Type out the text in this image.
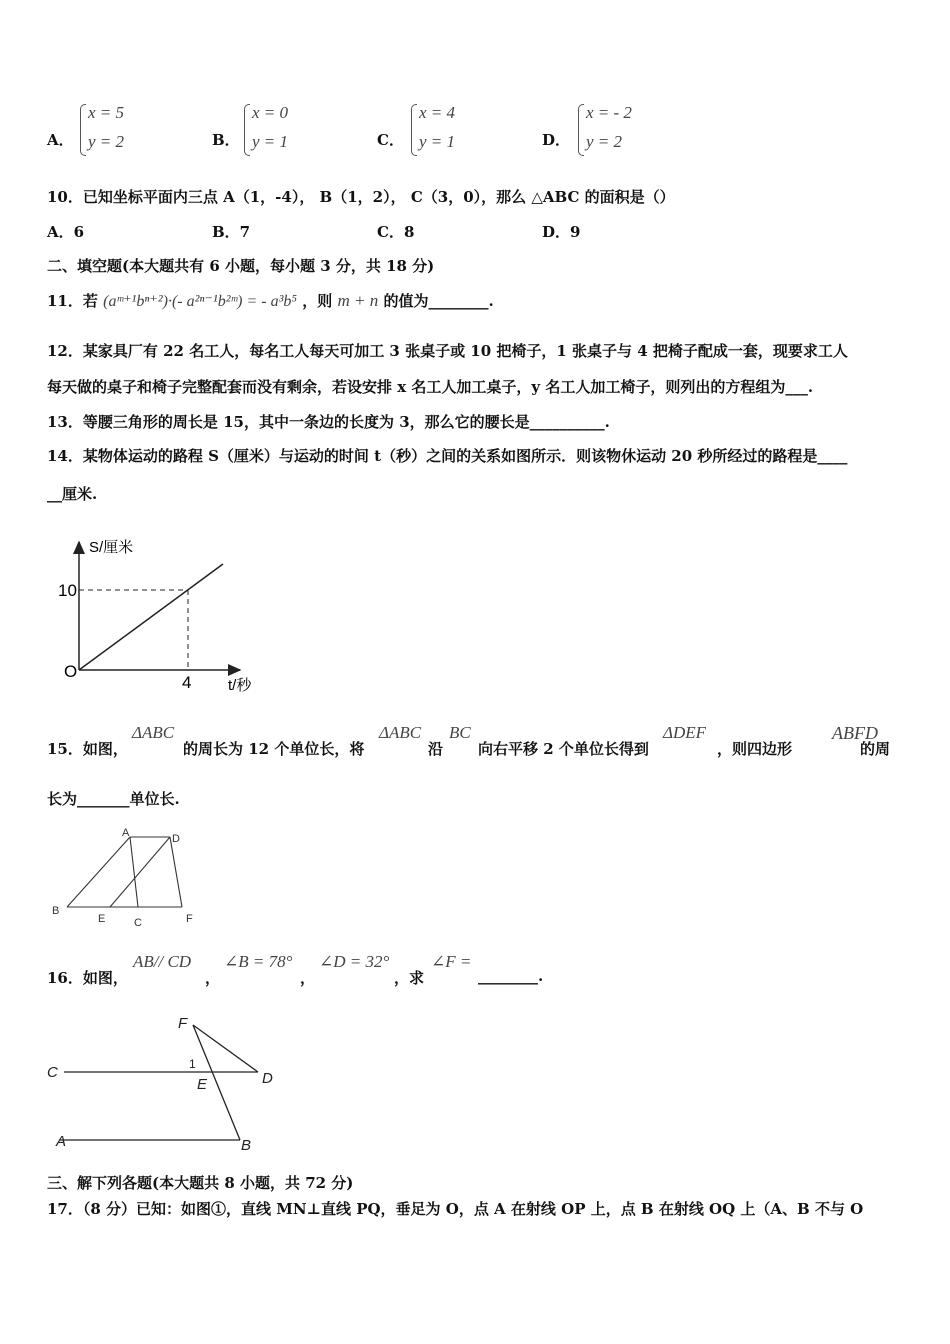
A．
x = 5
y = 2	B．
x = 0
y = 1	C．
x = 4
y = 1	D．
x = - 2
y = 2
10．已知坐标平面内三点 A（1，-4）， B（1，2）， C（3，0），那么 △ABC 的面积是（）
A．6	B．7	C．8	D．9
二、填空题(本大题共有 6 小题，每小题 3 分，共 18 分)
11．若 (aᵐ⁺¹bⁿ⁺²)·(- a²ⁿ⁻¹b²ᵐ) = - a³b⁵ ，则 m + n 的值为________.
12．某家具厂有 22 名工人，每名工人每天可加工 3 张桌子或 10 把椅子，1 张桌子与 4 把椅子配成一套，现要求工人
每天做的桌子和椅子完整配套而没有剩余，若设安排 x 名工人加工桌子，y 名工人加工椅子，则列出的方程组为___.
13．等腰三角形的周长是 15，其中一条边的长度为 3，那么它的腰长是__________.
14．某物体运动的路程 S（厘米）与运动的时间 t（秒）之间的关系如图所示．则该物休运动 20 秒所经过的路程是____
__厘米.
S/厘米
t/秒
O
10
4
15．如图，
ΔABC
的周长为 12 个单位长，将
ΔABC
沿
BC
向右平移 2 个单位长得到
ΔDEF
，则四边形
ABFD
的周
长为_______单位长.
A	D
B
E	C	F
16．如图，
AB// CD
，
∠B = 78°
，
∠D = 32°
，求
∠F =
________.
F
C	D
E
A	B
1
三、解下列各题(本大题共 8 小题，共 72 分)
17．（8 分）已知：如图①，直线 MN⊥直线 PQ，垂足为 O，点 A 在射线 OP 上，点 B 在射线 OQ 上（A、B 不与 O
